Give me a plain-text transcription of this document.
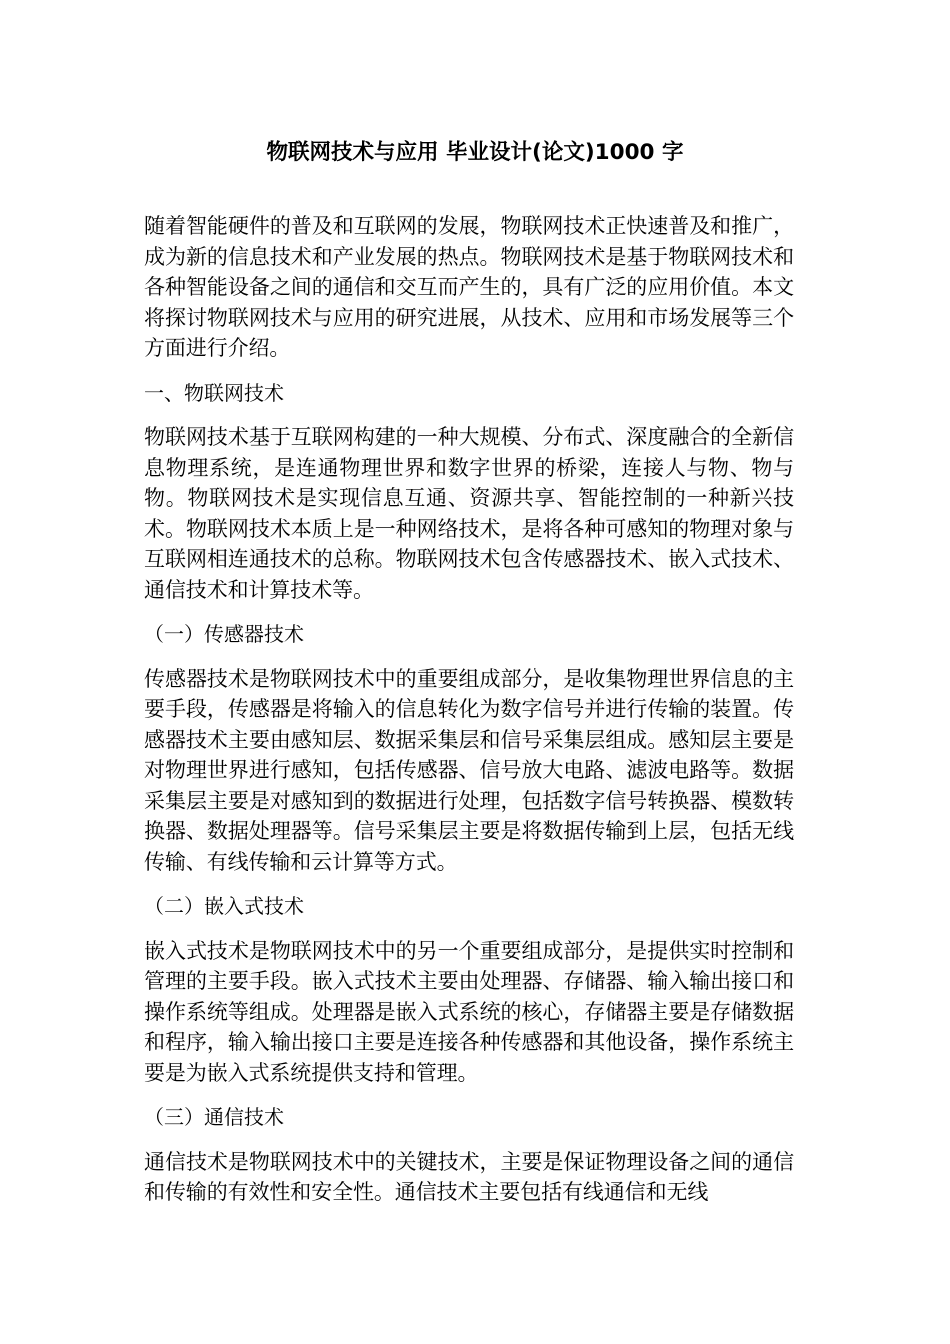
物联网技术与应用 毕业设计(论文)1000 字

随着智能硬件的普及和互联网的发展，物联网技术正快速普及和推广，成为新的信息技术和产业发展的热点。物联网技术是基于物联网技术和各种智能设备之间的通信和交互而产生的，具有广泛的应用价值。本文将探讨物联网技术与应用的研究进展，从技术、应用和市场发展等三个方面进行介绍。

一、物联网技术

物联网技术基于互联网构建的一种大规模、分布式、深度融合的全新信息物理系统，是连通物理世界和数字世界的桥梁，连接人与物、物与物。物联网技术是实现信息互通、资源共享、智能控制的一种新兴技术。物联网技术本质上是一种网络技术，是将各种可感知的物理对象与互联网相连通技术的总称。物联网技术包含传感器技术、嵌入式技术、通信技术和计算技术等。

（一）传感器技术

传感器技术是物联网技术中的重要组成部分，是收集物理世界信息的主要手段，传感器是将输入的信息转化为数字信号并进行传输的装置。传感器技术主要由感知层、数据采集层和信号采集层组成。感知层主要是对物理世界进行感知，包括传感器、信号放大电路、滤波电路等。数据采集层主要是对感知到的数据进行处理，包括数字信号转换器、模数转换器、数据处理器等。信号采集层主要是将数据传输到上层，包括无线传输、有线传输和云计算等方式。

（二）嵌入式技术

嵌入式技术是物联网技术中的另一个重要组成部分，是提供实时控制和管理的主要手段。嵌入式技术主要由处理器、存储器、输入输出接口和操作系统等组成。处理器是嵌入式系统的核心，存储器主要是存储数据和程序，输入输出接口主要是连接各种传感器和其他设备，操作系统主要是为嵌入式系统提供支持和管理。

（三）通信技术

通信技术是物联网技术中的关键技术，主要是保证物理设备之间的通信和传输的有效性和安全性。通信技术主要包括有线通信和无线
